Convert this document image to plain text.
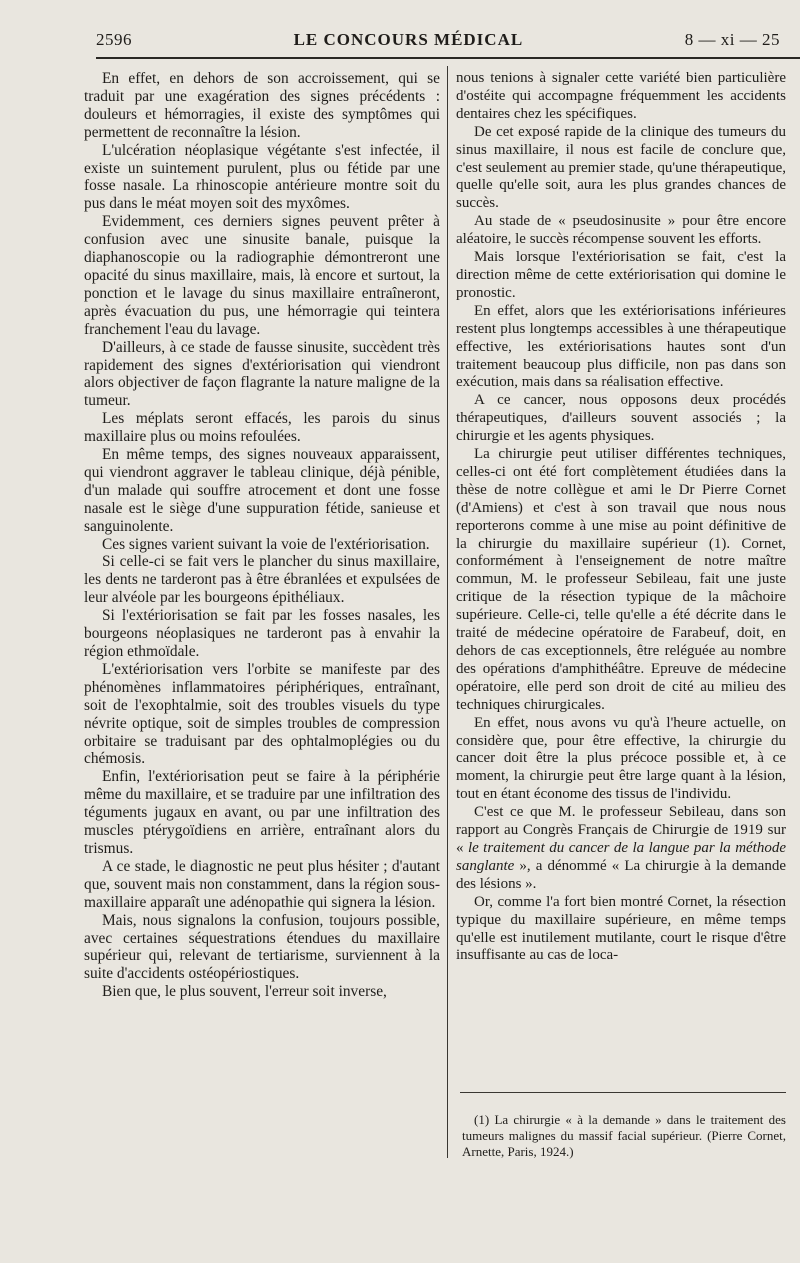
2596	LE CONCOURS MÉDICAL	8 — xi — 25

En effet, en dehors de son accroissement, qui se traduit par une exagération des signes précédents : douleurs et hémorragies, il existe des symptômes qui permettent de reconnaître la lésion.

L'ulcération néoplasique végétante s'est infectée, il existe un suintement purulent, plus ou fétide par une fosse nasale. La rhinoscopie antérieure montre soit du pus dans le méat moyen soit des myxômes.

Evidemment, ces derniers signes peuvent prêter à confusion avec une sinusite banale, puisque la diaphanoscopie ou la radiographie démontreront une opacité du sinus maxillaire, mais, là encore et surtout, la ponction et le lavage du sinus maxillaire entraîneront, après évacuation du pus, une hémorragie qui teintera franchement l'eau du lavage.

D'ailleurs, à ce stade de fausse sinusite, succèdent très rapidement des signes d'extériorisation qui viendront alors objectiver de façon flagrante la nature maligne de la tumeur.

Les méplats seront effacés, les parois du sinus maxillaire plus ou moins refoulées.

En même temps, des signes nouveaux apparaissent, qui viendront aggraver le tableau clinique, déjà pénible, d'un malade qui souffre atrocement et dont une fosse nasale est le siège d'une suppuration fétide, sanieuse et sanguinolente.

Ces signes varient suivant la voie de l'extériorisation.

Si celle-ci se fait vers le plancher du sinus maxillaire, les dents ne tarderont pas à être ébranlées et expulsées de leur alvéole par les bourgeons épithéliaux.

Si l'extériorisation se fait par les fosses nasales, les bourgeons néoplasiques ne tarderont pas à envahir la région ethmoïdale.

L'extériorisation vers l'orbite se manifeste par des phénomènes inflammatoires périphériques, entraînant, soit de l'exophtalmie, soit des troubles visuels du type névrite optique, soit de simples troubles de compression orbitaire se traduisant par des ophtalmoplégies ou du chémosis.

Enfin, l'extériorisation peut se faire à la périphérie même du maxillaire, et se traduire par une infiltration des téguments jugaux en avant, ou par une infiltration des muscles ptérygoïdiens en arrière, entraînant alors du trismus.

A ce stade, le diagnostic ne peut plus hésiter ; d'autant que, souvent mais non constamment, dans la région sous-maxillaire apparaît une adénopathie qui signera la lésion.

Mais, nous signalons la confusion, toujours possible, avec certaines séquestrations étendues du maxillaire supérieur qui, relevant de tertiarisme, surviennent à la suite d'accidents ostéopériostiques.

Bien que, le plus souvent, l'erreur soit inverse,

nous tenions à signaler cette variété bien particulière d'ostéite qui accompagne fréquemment les accidents dentaires chez les spécifiques.

De cet exposé rapide de la clinique des tumeurs du sinus maxillaire, il nous est facile de conclure que, c'est seulement au premier stade, qu'une thérapeutique, quelle qu'elle soit, aura les plus grandes chances de succès.

Au stade de « pseudosinusite » pour être encore aléatoire, le succès récompense souvent les efforts.

Mais lorsque l'extériorisation se fait, c'est la direction même de cette extériorisation qui domine le pronostic.

En effet, alors que les extériorisations inférieures restent plus longtemps accessibles à une thérapeutique effective, les extériorisations hautes sont d'un traitement beaucoup plus difficile, non pas dans son exécution, mais dans sa réalisation effective.

A ce cancer, nous opposons deux procédés thérapeutiques, d'ailleurs souvent associés ; la chirurgie et les agents physiques.

La chirurgie peut utiliser différentes techniques, celles-ci ont été fort complètement étudiées dans la thèse de notre collègue et ami le Dr Pierre Cornet (d'Amiens) et c'est à son travail que nous nous reporterons comme à une mise au point définitive de la chirurgie du maxillaire supérieur (1). Cornet, conformément à l'enseignement de notre maître commun, M. le professeur Sebileau, fait une juste critique de la résection typique de la mâchoire supérieure. Celle-ci, telle qu'elle a été décrite dans le traité de médecine opératoire de Farabeuf, doit, en dehors de cas exceptionnels, être reléguée au nombre des opérations d'amphithéâtre. Epreuve de médecine opératoire, elle perd son droit de cité au milieu des techniques chirurgicales.

En effet, nous avons vu qu'à l'heure actuelle, on considère que, pour être effective, la chirurgie du cancer doit être la plus précoce possible et, à ce moment, la chirurgie peut être large quant à la lésion, tout en étant économe des tissus de l'individu.

C'est ce que M. le professeur Sebileau, dans son rapport au Congrès Français de Chirurgie de 1919 sur « le traitement du cancer de la langue par la méthode sanglante », a dénommé « La chirurgie à la demande des lésions ».

Or, comme l'a fort bien montré Cornet, la résection typique du maxillaire supérieure, en même temps qu'elle est inutilement mutilante, court le risque d'être insuffisante au cas de loca-

(1) La chirurgie « à la demande » dans le traitement des tumeurs malignes du massif facial supérieur. (Pierre Cornet, Arnette, Paris, 1924.)
